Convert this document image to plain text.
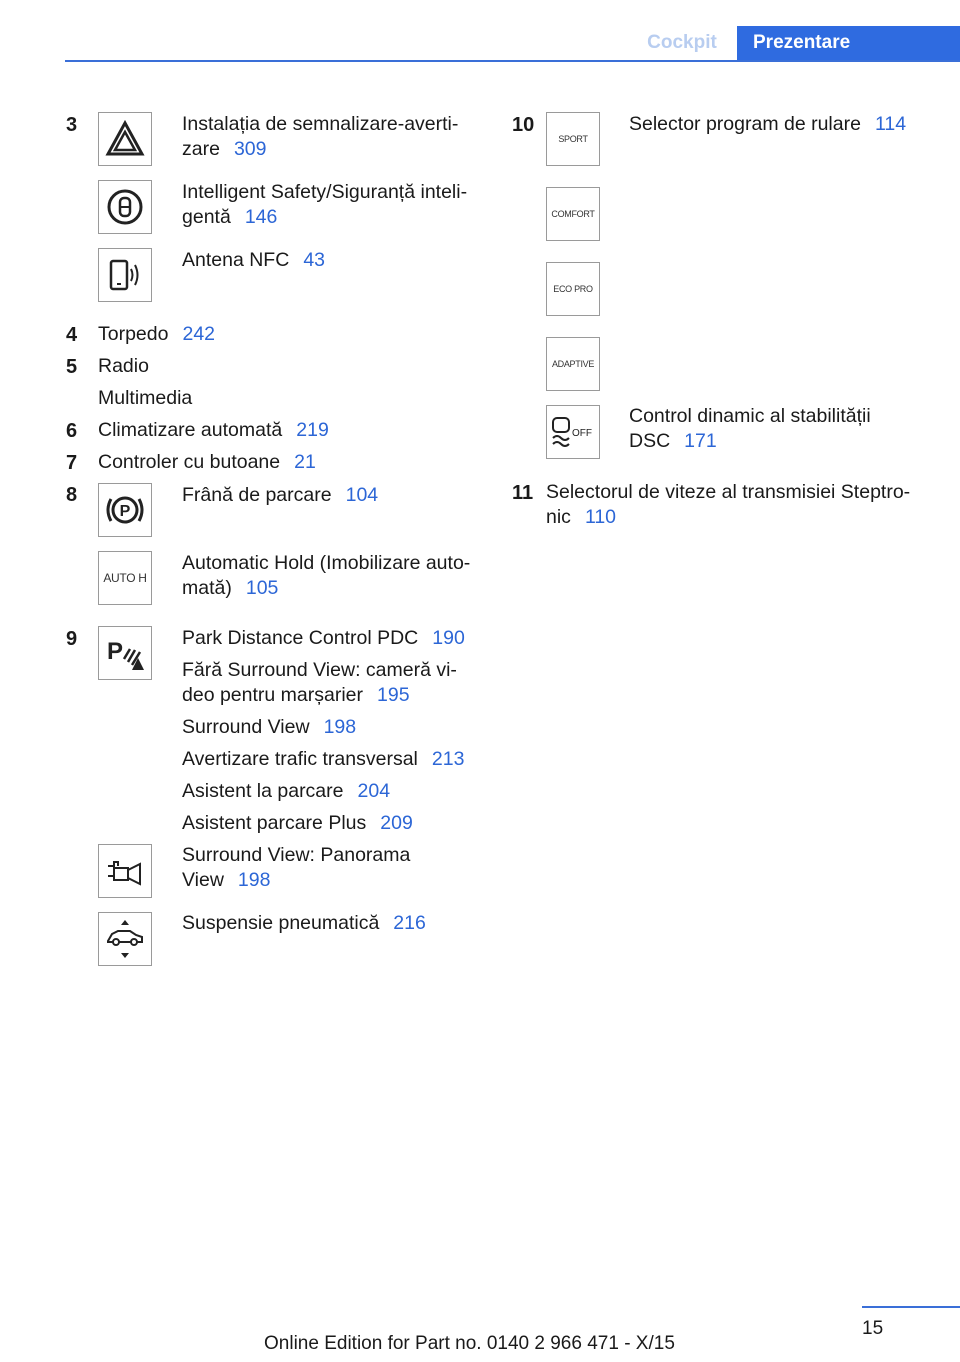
Cockpit	Prezentare
3	Instalația de semnalizare-averti-
zare 309
Intelligent Safety/Siguranță inteli-
gentă 146
Antena NFC 43
4 Torpedo 242
5 Radio
Multimedia
6 Climatizare automată 219
7 Controler cu butoane 21
8
P
Frână de parcare 104
AUTO H
Automatic Hold (Imobilizare auto-
mată) 105
9 P	Park Distance Control PDC 190
Fără Surround View: cameră vi-
deo pentru marșarier 195
Surround View 198
Avertizare trafic transversal 213
Asistent la parcare 204
Asistent parcare Plus 209
Surround View: Panorama
View 198
Suspensie pneumatică 216
10
SPORT
Selector program de rulare 114
COMFORT
ECO PRO
ADAPTIVE
OFF
Control dinamic al stabilității
DSC 171
11 Selectorul de viteze al transmisiei Steptro-
nic 110
15
Online Edition for Part no. 0140 2 966 471 - X/15
